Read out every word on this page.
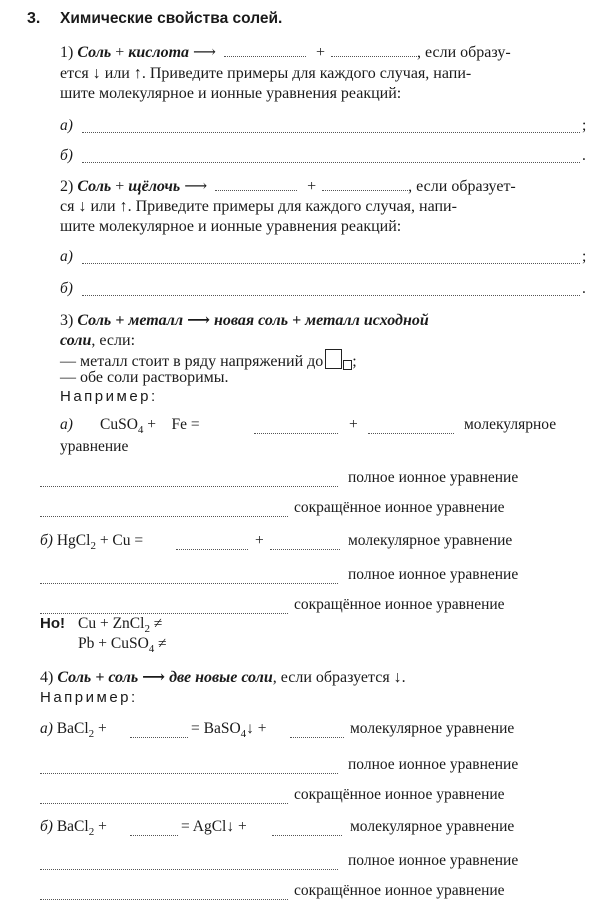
3. Химические свойства солей.
1) Соль + кислота ⟶	+	, если образу-
ется ↓ или ↑. Приведите примеры для каждого случая, напи-
шите молекулярное и ионные уравнения реакций:
а)	;
б)	.
2) Соль + щёлочь ⟶	+	, если образует-
ся ↓ или ↑. Приведите примеры для каждого случая, напи-
шите молекулярное и ионные уравнения реакций:
а)	;
б)	.
3) Соль + металл ⟶ новая соль + металл исходной
соли, если:
— металл стоит в ряду напряжений до ;
— обе соли растворимы.
Например:
а) CuSO$_4$ +    Fe =	+	молекулярное
уравнение
полное ионное уравнение
сокращённое ионное уравнение
б) HgCl$_2$ + Cu =	+	молекулярное уравнение
полное ионное уравнение
сокращённое ионное уравнение
Но! Cu + ZnCl$_2$ ≠
Pb + CuSO$_4$ ≠
4) Соль + соль ⟶ две новые соли, если образуется ↓.
Например:
а) BaCl$_2$ +	= BaSO$_4$↓ +	молекулярное уравнение
полное ионное уравнение
сокращённое ионное уравнение
б) BaCl$_2$ +	= AgCl↓ +	молекулярное уравнение
полное ионное уравнение
сокращённое ионное уравнение
